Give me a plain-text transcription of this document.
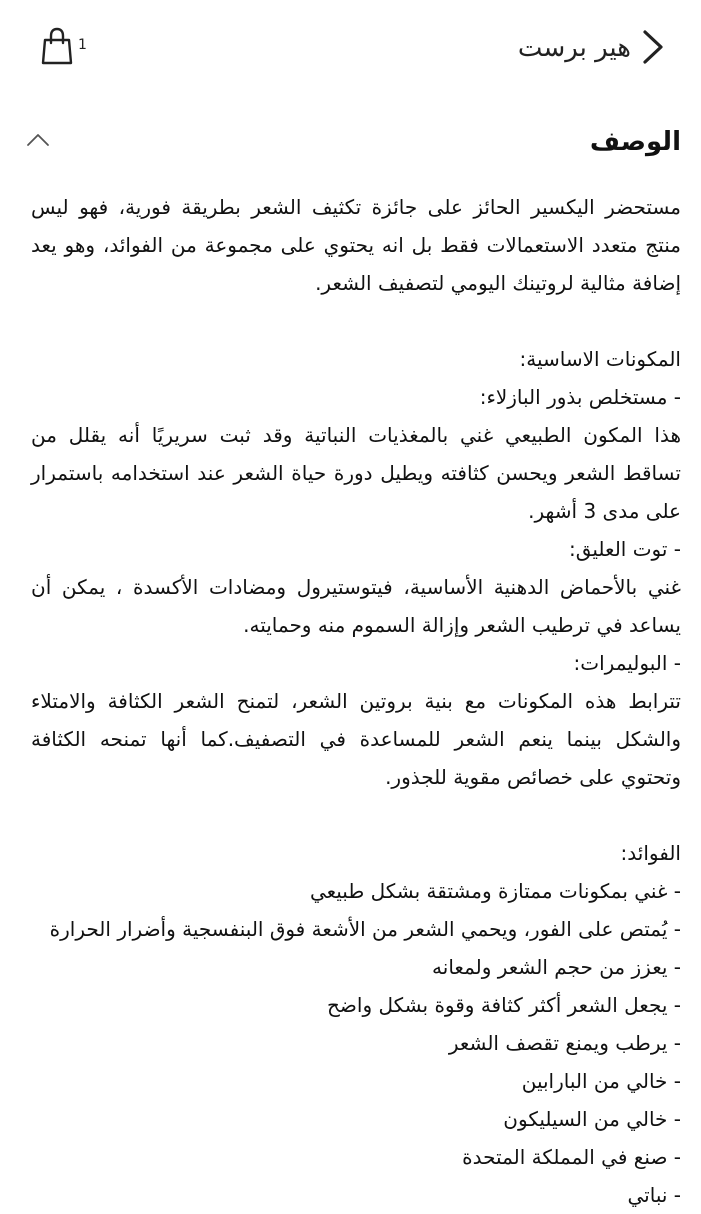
هير برست
1
الوصف

مستحضر اليكسير الحائز على جائزة تكثيف الشعر بطريقة فورية، فهو ليس منتج متعدد الاستعمالات فقط بل انه يحتوي على مجموعة من الفوائد، وهو يعد إضافة مثالية لروتينك اليومي لتصفيف الشعر.

المكونات الاساسية:

- مستخلص بذور البازلاء:

هذا المكون الطبيعي غني بالمغذيات النباتية وقد ثبت سريريًا أنه يقلل من تساقط الشعر ويحسن كثافته ويطيل دورة حياة الشعر عند استخدامه باستمرار على مدى 3 أشهر.

- توت العليق:

غني بالأحماض الدهنية الأساسية، فيتوستيرول ومضادات الأكسدة ، يمكن أن يساعد في ترطيب الشعر وإزالة السموم منه وحمايته.

- البوليمرات:

تترابط هذه المكونات مع بنية بروتين الشعر، لتمنح الشعر الكثافة والامتلاء والشكل بينما ينعم الشعر للمساعدة في التصفيف.كما أنها تمنحه الكثافة وتحتوي على خصائص مقوية للجذور.

الفوائد:

- غني بمكونات ممتازة ومشتقة بشكل طبيعي
- يُمتص على الفور، ويحمي الشعر من الأشعة فوق البنفسجية وأضرار الحرارة
- يعزز من حجم الشعر ولمعانه
- يجعل الشعر أكثر كثافة وقوة بشكل واضح
- يرطب ويمنع تقصف الشعر
- خالي من البارابين
- خالي من السيليكون
- صنع في المملكة المتحدة
- نباتي
